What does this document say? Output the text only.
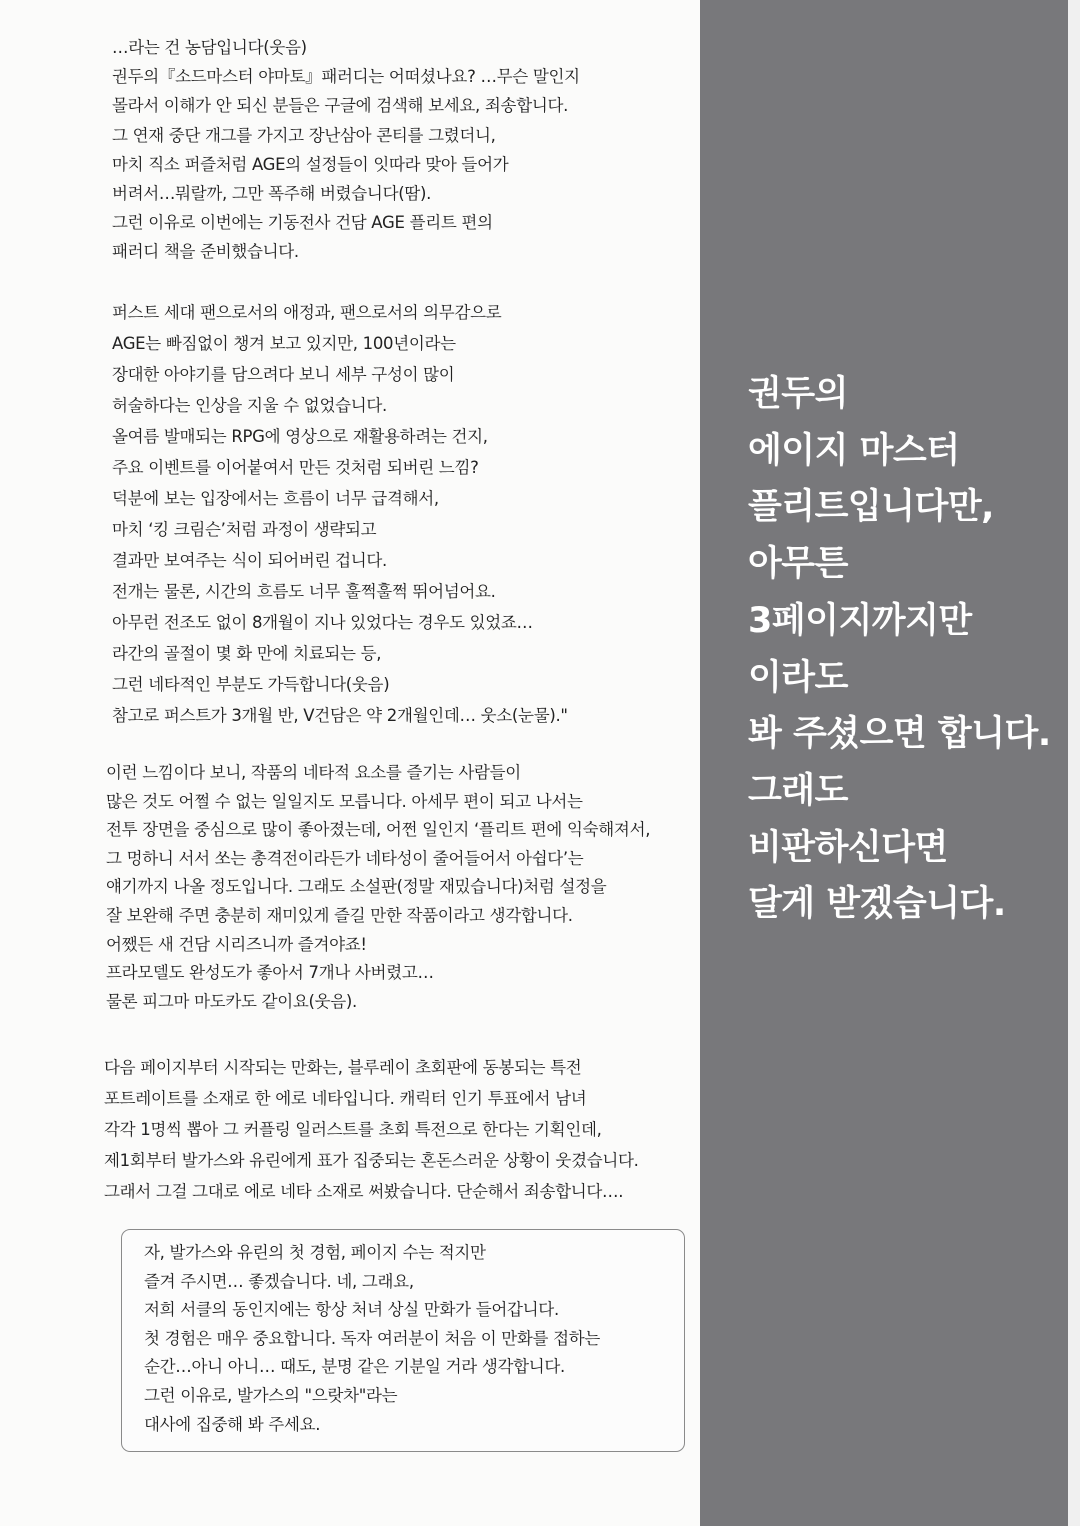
…라는 건 농담입니다(웃음)
권두의『소드마스터 야마토』패러디는 어떠셨나요? …무슨 말인지
몰라서 이해가 안 되신 분들은 구글에 검색해 보세요, 죄송합니다.
그 연재 중단 개그를 가지고 장난삼아 콘티를 그렸더니,
마치 직소 퍼즐처럼 AGE의 설정들이 잇따라 맞아 들어가
버려서…뭐랄까, 그만 폭주해 버렸습니다(땀).
그런 이유로 이번에는 기동전사 건담 AGE 플리트 편의
패러디 책을 준비했습니다.
퍼스트 세대 팬으로서의 애정과, 팬으로서의 의무감으로
AGE는 빠짐없이 챙겨 보고 있지만, 100년이라는
장대한 아야기를 담으려다 보니 세부 구성이 많이
허술하다는 인상을 지울 수 없었습니다.
올여름 발매되는 RPG에 영상으로 재활용하려는 건지,
주요 이벤트를 이어붙여서 만든 것처럼 되버린 느낌?
덕분에 보는 입장에서는 흐름이 너무 급격해서,
마치 ‘킹 크림슨’처럼 과정이 생략되고
결과만 보여주는 식이 되어버린 겁니다.
전개는 물론, 시간의 흐름도 너무 훌쩍훌쩍 뛰어넘어요.
아무런 전조도 없이 8개월이 지나 있었다는 경우도 있었죠…
라간의 골절이 몇 화 만에 치료되는 등,
그런 네타적인 부분도 가득합니다(웃음)
참고로 퍼스트가 3개월 반, V건담은 약 2개월인데… 웃소(눈물)."
이런 느낌이다 보니, 작품의 네타적 요소를 즐기는 사람들이
많은 것도 어쩔 수 없는 일일지도 모릅니다. 아세무 편이 되고 나서는
전투 장면을 중심으로 많이 좋아졌는데, 어쩐 일인지 ‘플리트 편에 익숙해져서,
그 멍하니 서서 쏘는 총격전이라든가 네타성이 줄어들어서 아쉽다’는
얘기까지 나올 정도입니다. 그래도 소설판(정말 재밌습니다)처럼 설정을
잘 보완해 주면 충분히 재미있게 즐길 만한 작품이라고 생각합니다.
어쨌든 새 건담 시리즈니까 즐겨야죠!
프라모델도 완성도가 좋아서 7개나 사버렸고…
물론 피그마 마도카도 같이요(웃음).
다음 페이지부터 시작되는 만화는, 블루레이 초회판에 동봉되는 특전
포트레이트를 소재로 한 에로 네타입니다. 캐릭터 인기 투표에서 남녀
각각 1명씩 뽑아 그 커플링 일러스트를 초회 특전으로 한다는 기획인데,
제1회부터 발가스와 유린에게 표가 집중되는 혼돈스러운 상황이 웃겼습니다.
그래서 그걸 그대로 에로 네타 소재로 써봤습니다. 단순해서 죄송합니다….
자, 발가스와 유린의 첫 경험, 페이지 수는 적지만
즐겨 주시면… 좋겠습니다. 네, 그래요,
저희 서클의 동인지에는 항상 처녀 상실 만화가 들어갑니다.
첫 경험은 매우 중요합니다. 독자 여러분이 처음 이 만화를 접하는
순간…아니 아니… 때도, 분명 같은 기분일 거라 생각합니다.
그런 이유로, 발가스의 "으랏차"라는
대사에 집중해 봐 주세요.
권두의
에이지 마스터
플리트입니다만,
아무튼
3페이지까지만
이라도
봐 주셨으면 합니다.
그래도
비판하신다면
달게 받겠습니다.
